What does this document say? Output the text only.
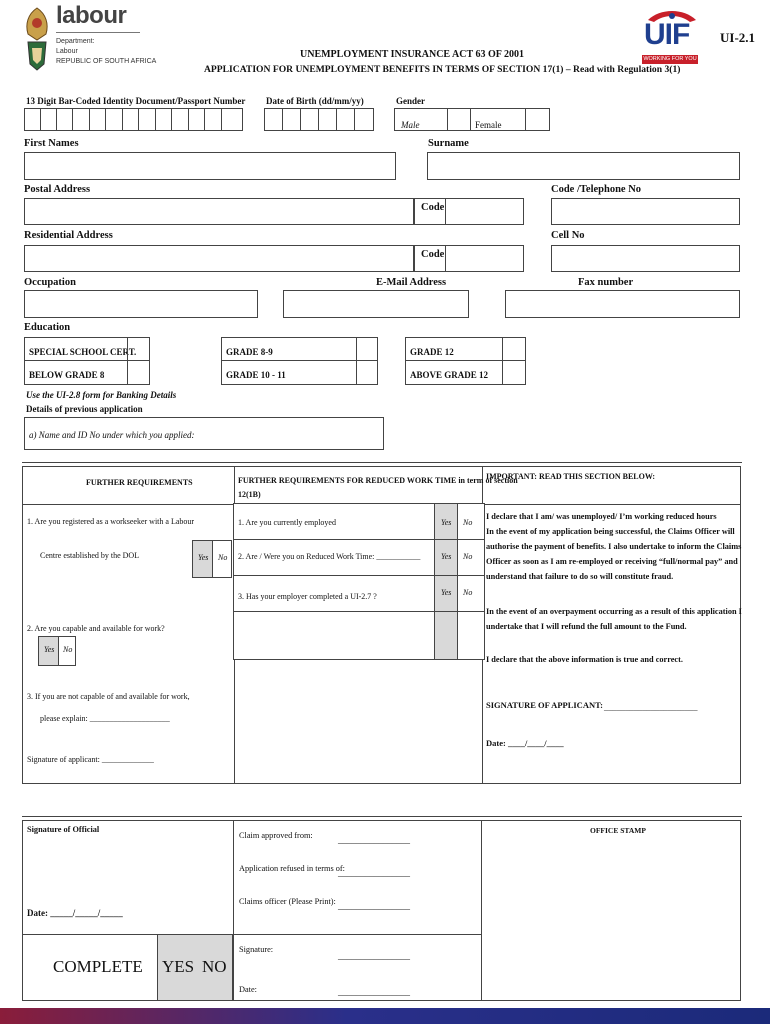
labour
Department:
Labour
REPUBLIC OF SOUTH AFRICA
UNEMPLOYMENT INSURANCE ACT 63 OF 2001
APPLICATION FOR UNEMPLOYMENT BENEFITS IN TERMS OF SECTION 17(1) – Read with Regulation 3(1)
UIF
WORKING FOR YOU
UI-2.1
13 Digit Bar-Coded Identity Document/Passport Number Date of Birth (dd/mm/yy)	Gender
Male	Female
First Names	Surname
Postal Address	Code /Telephone No
Code
Residential Address	Cell No
Code
Occupation	E-Mail Address	Fax number
Education
SPECIAL SCHOOL CERT.
BELOW GRADE 8
GRADE 8-9
GRADE 10 - 11
GRADE 12
ABOVE GRADE 12
Use the UI-2.8 form for Banking Details
Details of previous application
a) Name and ID No under which you applied:
FURTHER REQUIREMENTS	FURTHER REQUIREMENTS FOR REDUCED WORK TIME in term of section
12(1B)
IMPORTANT: READ THIS SECTION BELOW:
1. Are you registered as a workseeker with a Labour
Centre established by the DOL	Yes No
2. Are you capable and available for work?
Yes No
3. If you are not capable of and available for work,
please explain: ____________________
Signature of applicant: _____________
1. Are you currently employed	Yes No
2. Are / Were you on Reduced Work Time: ___________	Yes No
3. Has your employer completed a UI-2.7 ?	Yes No
I declare that I am/ was unemployed/ I’m working reduced hours
In the event of my application being successful, the Claims Officer will
authorise the payment of benefits. I also undertake to inform the Claims
Officer as soon as I am re-employed or receiving “full/normal pay” and
understand that failure to do so will constitute fraud.
In the event of an overpayment occurring as a result of this application I
undertake that I will refund the full amount to the Fund.
I declare that the above information is true and correct.
SIGNATURE OF APPLICANT: ______________________
Date: ____/____/____
Signature of Official
Date: _____/_____/_____
COMPLETE YES NO
Claim approved from:	________________
Application refused in terms of:
________________
Claims officer (Please Print): ________________
Signature:
________________
Date:	________________
OFFICE STAMP
